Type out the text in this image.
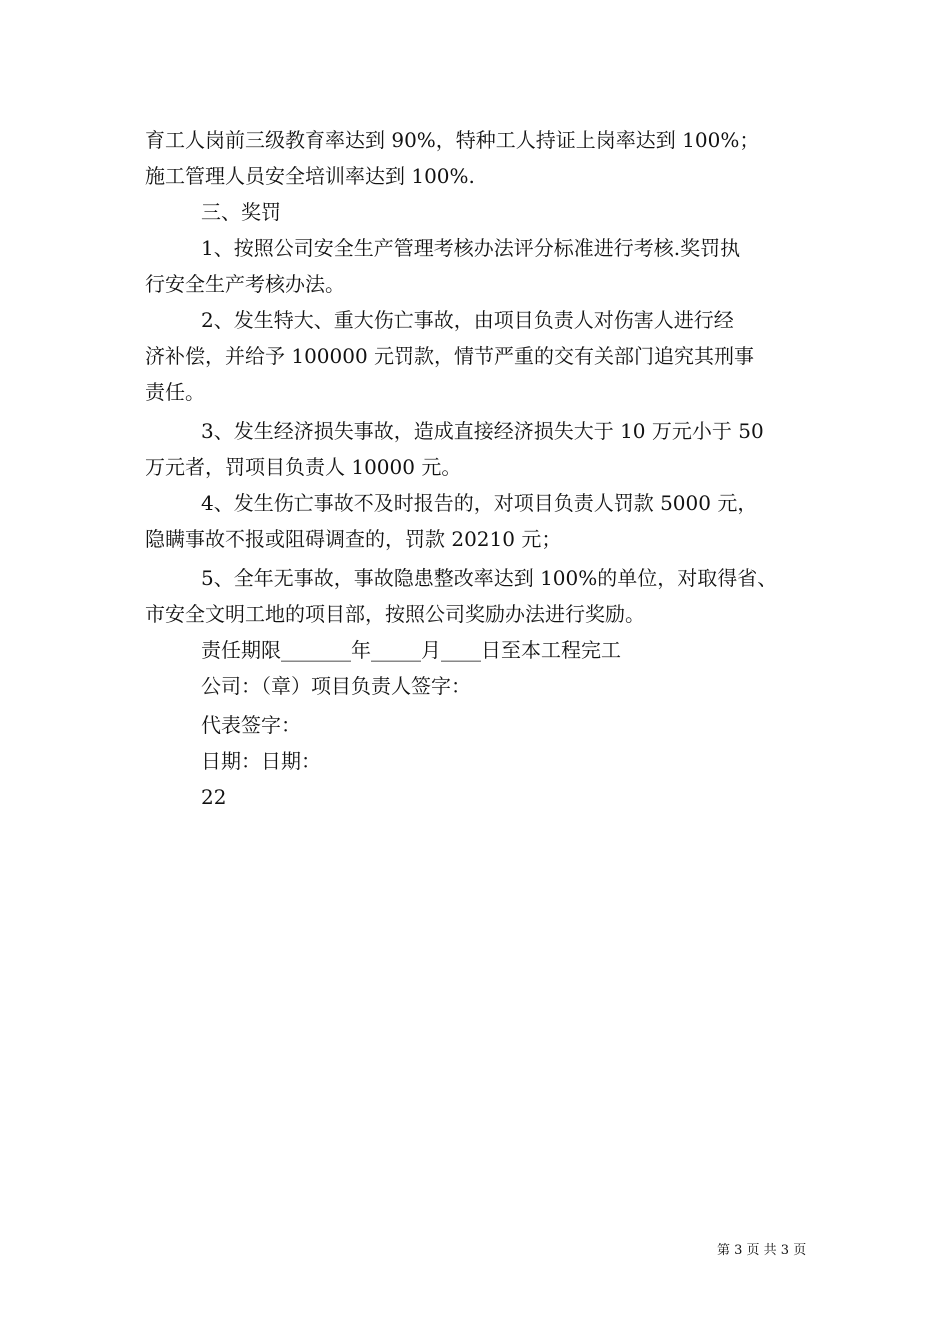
育工人岗前三级教育率达到 90%，特种工人持证上岗率达到 100%；
施工管理人员安全培训率达到 100%.
三、奖罚
1、按照公司安全生产管理考核办法评分标准进行考核.奖罚执
行安全生产考核办法。
2、发生特大、重大伤亡事故，由项目负责人对伤害人进行经
济补偿，并给予 100000 元罚款，情节严重的交有关部门追究其刑事
责任。
3、发生经济损失事故，造成直接经济损失大于 10 万元小于 50
万元者，罚项目负责人 10000 元。
4、发生伤亡事故不及时报告的，对项目负责人罚款 5000 元，
隐瞒事故不报或阻碍调查的，罚款 20210 元；
5、全年无事故，事故隐患整改率达到 100%的单位，对取得省、
市安全文明工地的项目部，按照公司奖励办法进行奖励。
责任期限_______年_____月____日至本工程完工
公司：（章）项目负责人签字：
代表签字：
日期：日期：
22
第 3 页 共 3 页
